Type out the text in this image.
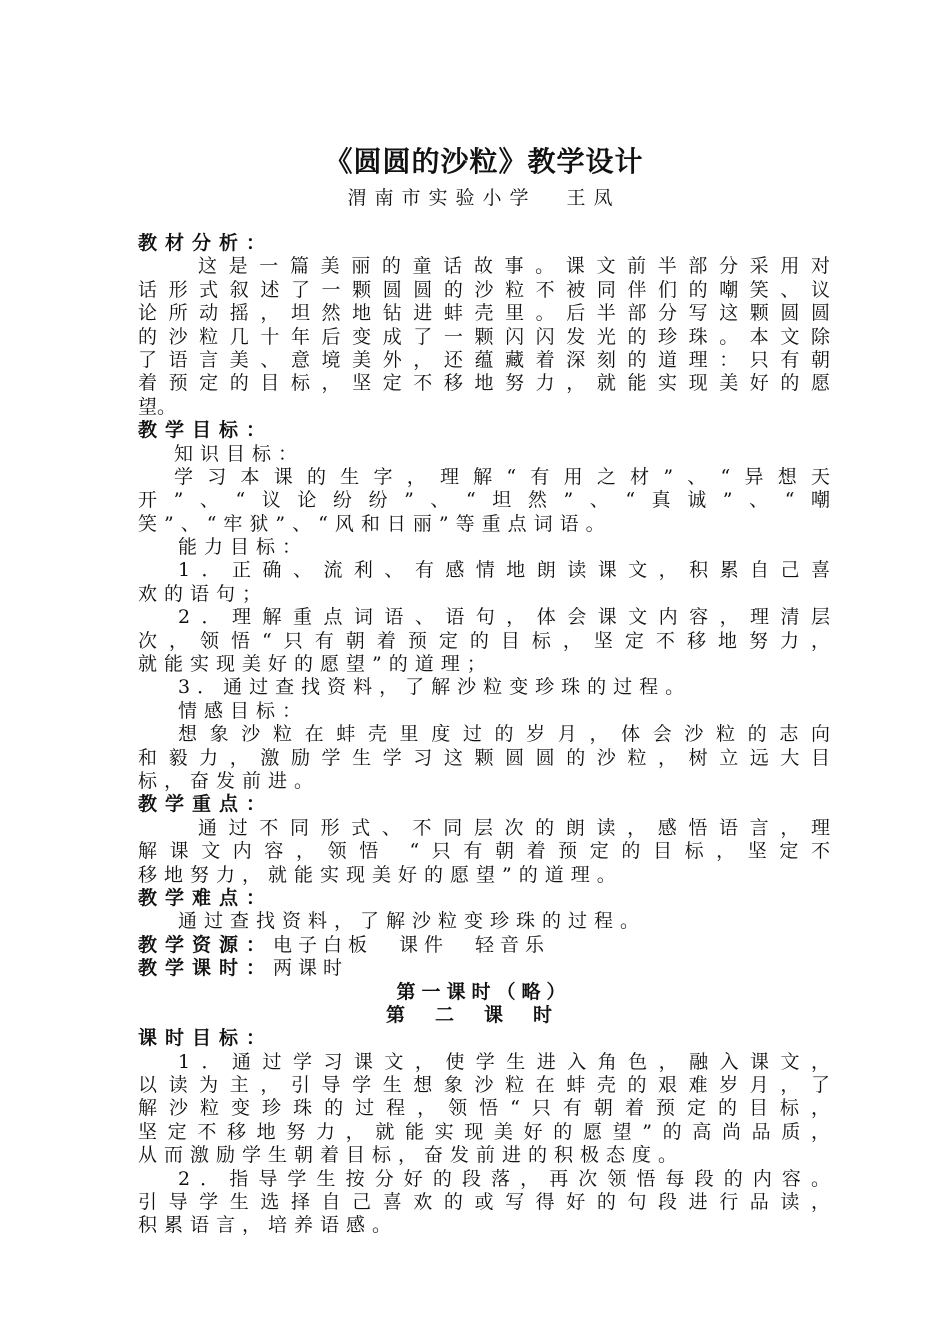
《圆圆的沙粒》教学设计
渭南市实验小学 王凤
教材分析：
这是一篇美丽的童话故事。课文前半部分采用对
话形式叙述了一颗圆圆的沙粒不被同伴们的嘲笑、议
论所动摇，坦然地钻进蚌壳里。后半部分写这颗圆圆
的沙粒几十年后变成了一颗闪闪发光的珍珠。本文除
了语言美、意境美外，还蕴藏着深刻的道理：只有朝
着预定的目标，坚定不移地努力，就能实现美好的愿
望。
教学目标：
知识目标：
学习本课的生字，理解“有用之材”、“异想天
开”、“议论纷纷”、“坦然”、“真诚”、“嘲
笑”、“牢狱”、“风和日丽”等重点词语。
能力目标：
1．正确、流利、有感情地朗读课文，积累自己喜
欢的语句；
2．理解重点词语、语句，体会课文内容，理清层
次，领悟“只有朝着预定的目标，坚定不移地努力，
就能实现美好的愿望”的道理；
3．通过查找资料，了解沙粒变珍珠的过程。
情感目标：
想象沙粒在蚌壳里度过的岁月，体会沙粒的志向
和毅力，激励学生学习这颗圆圆的沙粒，树立远大目
标，奋发前进。
教学重点：
通过不同形式、不同层次的朗读，感悟语言，理
解课文内容，领悟 “只有朝着预定的目标，坚定不
移地努力，就能实现美好的愿望”的道理。
教学难点：
通过查找资料，了解沙粒变珍珠的过程。
教学资源：电子白板 课件 轻音乐
教学课时：两课时
第一课时（略）
第二课时
课时目标：
1．通过学习课文，使学生进入角色，融入课文，
以读为主，引导学生想象沙粒在蚌壳的艰难岁月，了
解沙粒变珍珠的过程，领悟“只有朝着预定的目标，
坚定不移地努力，就能实现美好的愿望”的高尚品质，
从而激励学生朝着目标，奋发前进的积极态度。
2．指导学生按分好的段落，再次领悟每段的内容。
引导学生选择自己喜欢的或写得好的句段进行品读，
积累语言，培养语感。
